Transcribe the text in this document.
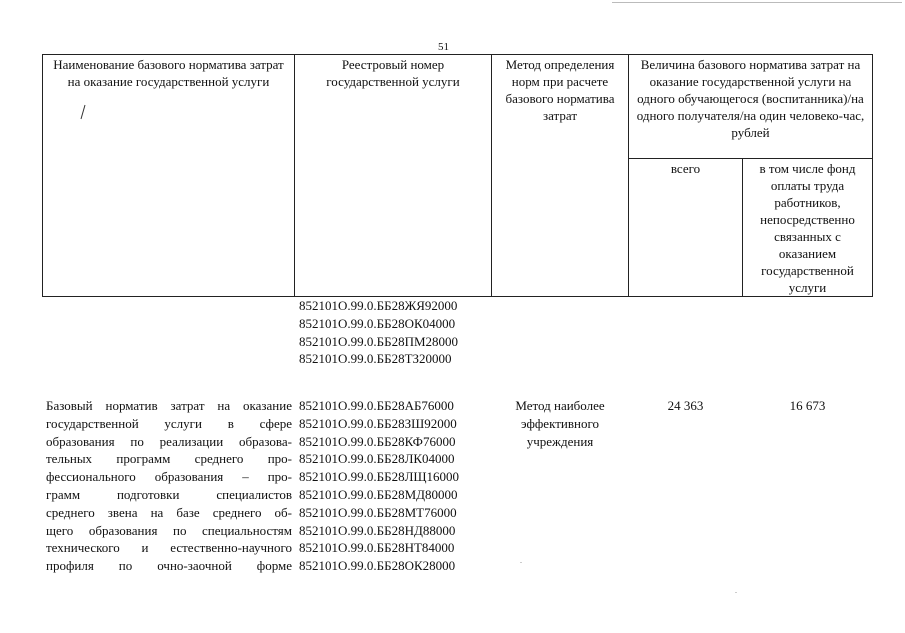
51
Наименование базового норматива затрат на оказание государственной услуги
Реестровый номер государственной услуги
Метод определения норм при расчете базового норматива затрат
Величина базового норматива затрат на оказание государственной услуги на одного обучающегося (воспитанника)/на одного получателя/на один человеко-час, рублей
всего	в том числе фонд оплаты труда работников, непосредственно связанных с оказанием государственной услуги
852101О.99.0.ББ28ЖЯ92000
852101О.99.0.ББ28ОК04000
852101О.99.0.ББ28ПМ28000
852101О.99.0.ББ28ТЗ20000
Базовый норматив затрат на оказание
государственной услуги в сфере
образования по реализации образова-
тельных программ среднего про-
фессионального образования – про-
грамм подготовки специалистов
среднего звена на базе среднего об-
щего образования по специальностям
технического и естественно-научного
профиля по очно-заочной форме
852101О.99.0.ББ28АБ76000
852101О.99.0.ББ28ЗШ92000
852101О.99.0.ББ28КФ76000
852101О.99.0.ББ28ЛК04000
852101О.99.0.ББ28ЛЩ16000
852101О.99.0.ББ28МД80000
852101О.99.0.ББ28МТ76000
852101О.99.0.ББ28НД88000
852101О.99.0.ББ28НТ84000
852101О.99.0.ББ28ОК28000
Метод наиболее эффективного учреждения
24 363	16 673
